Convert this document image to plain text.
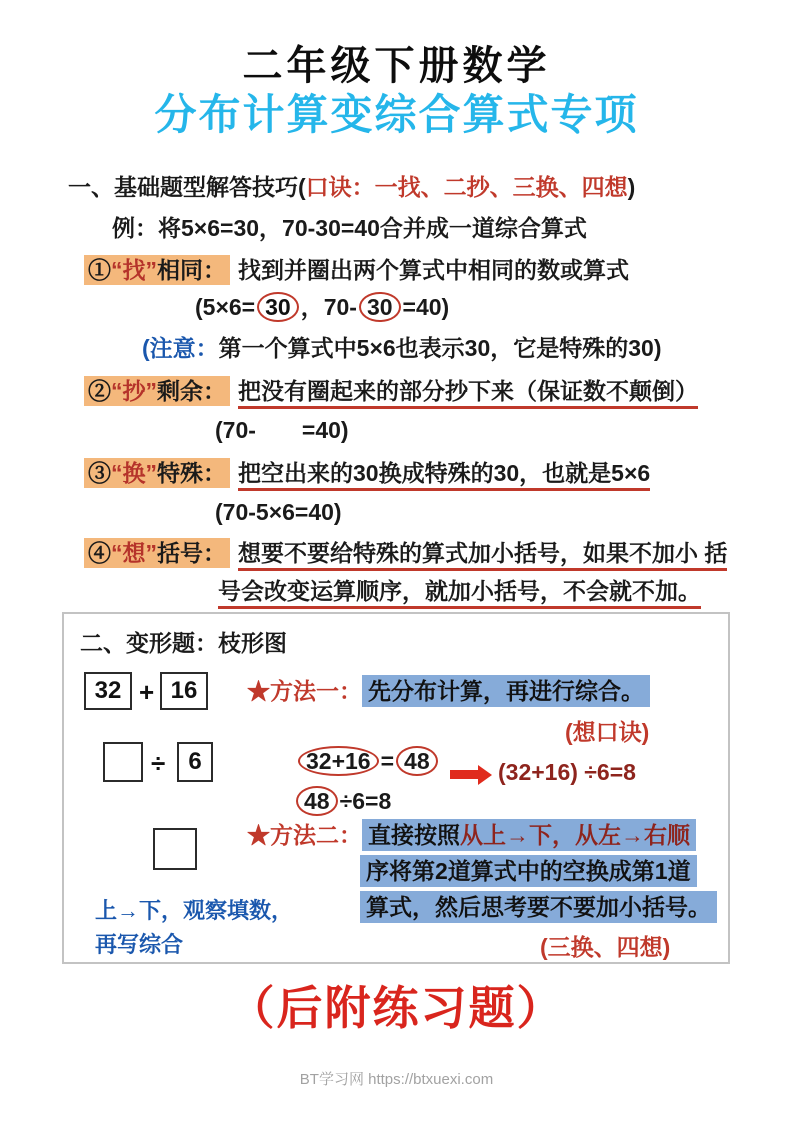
二年级下册数学
分布计算变综合算式专项
一、基础题型解答技巧(口诀：一找、二抄、三换、四想)
例：将5×6=30，70-30=40合并成一道综合算式
①“找”相同： 找到并圈出两个算式中相同的数或算式
(5×6= 30 ，70- 30 =40)
(注意：第一个算式中5×6也表示30，它是特殊的30)
②“抄”剩余： 把没有圈起来的部分抄下来（保证数不颠倒）
(70-　　=40)
③“换”特殊： 把空出来的30换成特殊的30，也就是5×6
(70-5×6=40)
④“想”括号： 想要不要给特殊的算式加小括号，如果不加小 括
号会改变运算顺序，就加小括号，不会就不加。
二、变形题：枝形图
32 + 16
÷ 6
★方法一： 先分布计算，再进行综合。
(想口诀)
32+16 = 48
48 ÷6=8
(32+16) ÷6=8
★方法二： 直接按照从上→下，从左→右顺
序将第2道算式中的空换成第1道
算式，然后思考要不要加小括号。
(三换、四想)
上→下，观察填数，
再写综合
（后附练习题）
BT学习网 https://btxuexi.com
